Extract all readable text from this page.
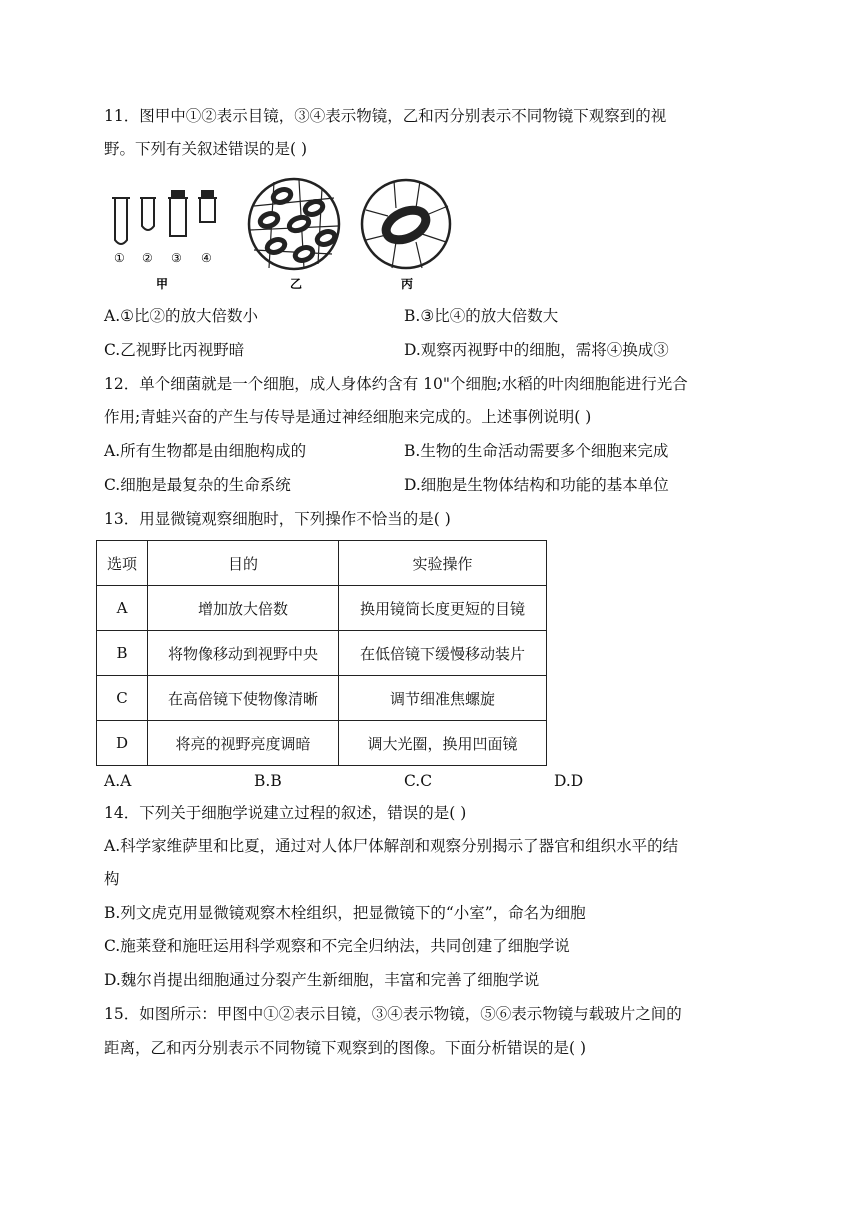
11．图甲中①②表示目镜，③④表示物镜，乙和丙分别表示不同物镜下观察到的视
野。下列有关叙述错误的是( )
① ② ③ ④
甲	乙	丙
A.①比②的放大倍数小	B.③比④的放大倍数大
C.乙视野比丙视野暗	D.观察丙视野中的细胞，需将④换成③
12．单个细菌就是一个细胞，成人身体约含有 10"个细胞;水稻的叶肉细胞能进行光合
作用;青蛙兴奋的产生与传导是通过神经细胞来完成的。上述事例说明( )
A.所有生物都是由细胞构成的	B.生物的生命活动需要多个细胞来完成
C.细胞是最复杂的生命系统	D.细胞是生物体结构和功能的基本单位
13．用显微镜观察细胞时，下列操作不恰当的是( )
选项	目的	实验操作
A	增加放大倍数	换用镜筒长度更短的目镜
B	将物像移动到视野中央	在低倍镜下缓慢移动装片
C	在高倍镜下使物像清晰	调节细准焦螺旋
D	将亮的视野亮度调暗	调大光圈，换用凹面镜
A.A	B.B	C.C	D.D
14．下列关于细胞学说建立过程的叙述，错误的是( )
A.科学家维萨里和比夏，通过对人体尸体解剖和观察分别揭示了器官和组织水平的结
构
B.列文虎克用显微镜观察木栓组织，把显微镜下的“小室”，命名为细胞
C.施莱登和施旺运用科学观察和不完全归纳法，共同创建了细胞学说
D.魏尔肖提出细胞通过分裂产生新细胞，丰富和完善了细胞学说
15．如图所示：甲图中①②表示目镜，③④表示物镜，⑤⑥表示物镜与载玻片之间的
距离，乙和丙分别表示不同物镜下观察到的图像。下面分析错误的是( )
